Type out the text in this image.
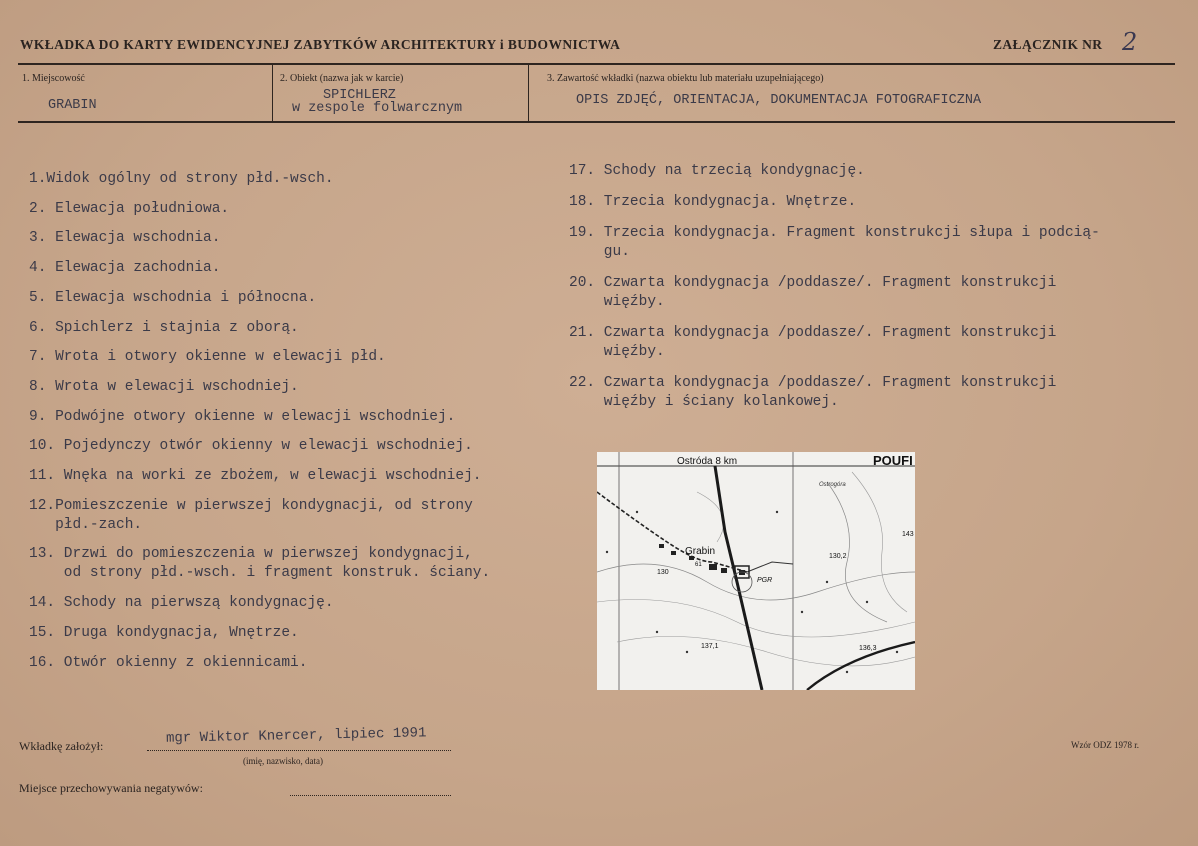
WKŁADKA DO KARTY EWIDENCYJNEJ ZABYTKÓW ARCHITEKTURY i BUDOWNICTWA	ZAŁĄCZNIK NR 2
1. Miejscowość
GRABIN
2. Obiekt (nazwa jak w karcie)
SPICHLERZ
w zespole folwarcznym
3. Zawartość wkładki (nazwa obiektu lub materiału uzupełniającego)
OPIS ZDJĘĆ, ORIENTACJA, DOKUMENTACJA FOTOGRAFICZNA
1.Widok ogólny od strony płd.-wsch.
2. Elewacja południowa.
3. Elewacja wschodnia.
4. Elewacja zachodnia.
5. Elewacja wschodnia i północna.
6. Spichlerz i stajnia z oborą.
7. Wrota i otwory okienne w elewacji płd.
8. Wrota w elewacji wschodniej.
9. Podwójne otwory okienne w elewacji wschodniej.
10. Pojedynczy otwór okienny w elewacji wschodniej.
11. Wnęka na worki ze zbożem, w elewacji wschodniej.
12.Pomieszczenie w pierwszej kondygnacji, od strony
płd.-zach.
13. Drzwi do pomieszczenia w pierwszej kondygnacji,
od strony płd.-wsch. i fragment konstruk. ściany.
14. Schody na pierwszą kondygnację.
15. Druga kondygnacja, Wnętrze.
16. Otwór okienny z okiennicami.
17. Schody na trzecią kondygnację.
18. Trzecia kondygnacja. Wnętrze.
19. Trzecia kondygnacja. Fragment konstrukcji słupa i podcią-
gu.
20. Czwarta kondygnacja /poddasze/. Fragment konstrukcji
więźby.
21. Czwarta kondygnacja /poddasze/. Fragment konstrukcji
więźby.
22. Czwarta kondygnacja /poddasze/. Fragment konstrukcji
więźby i ściany kolankowej.
Ostróda 8 km	POUFI
Grabin
PGR
Ostrogóra
130,2
143
137,1	136,3
130
61
Wkładkę założył:	mgr Wiktor Knercer, lipiec 1991
(imię, nazwisko, data)
Wzór ODZ 1978 r.
Miejsce przechowywania negatywów:
